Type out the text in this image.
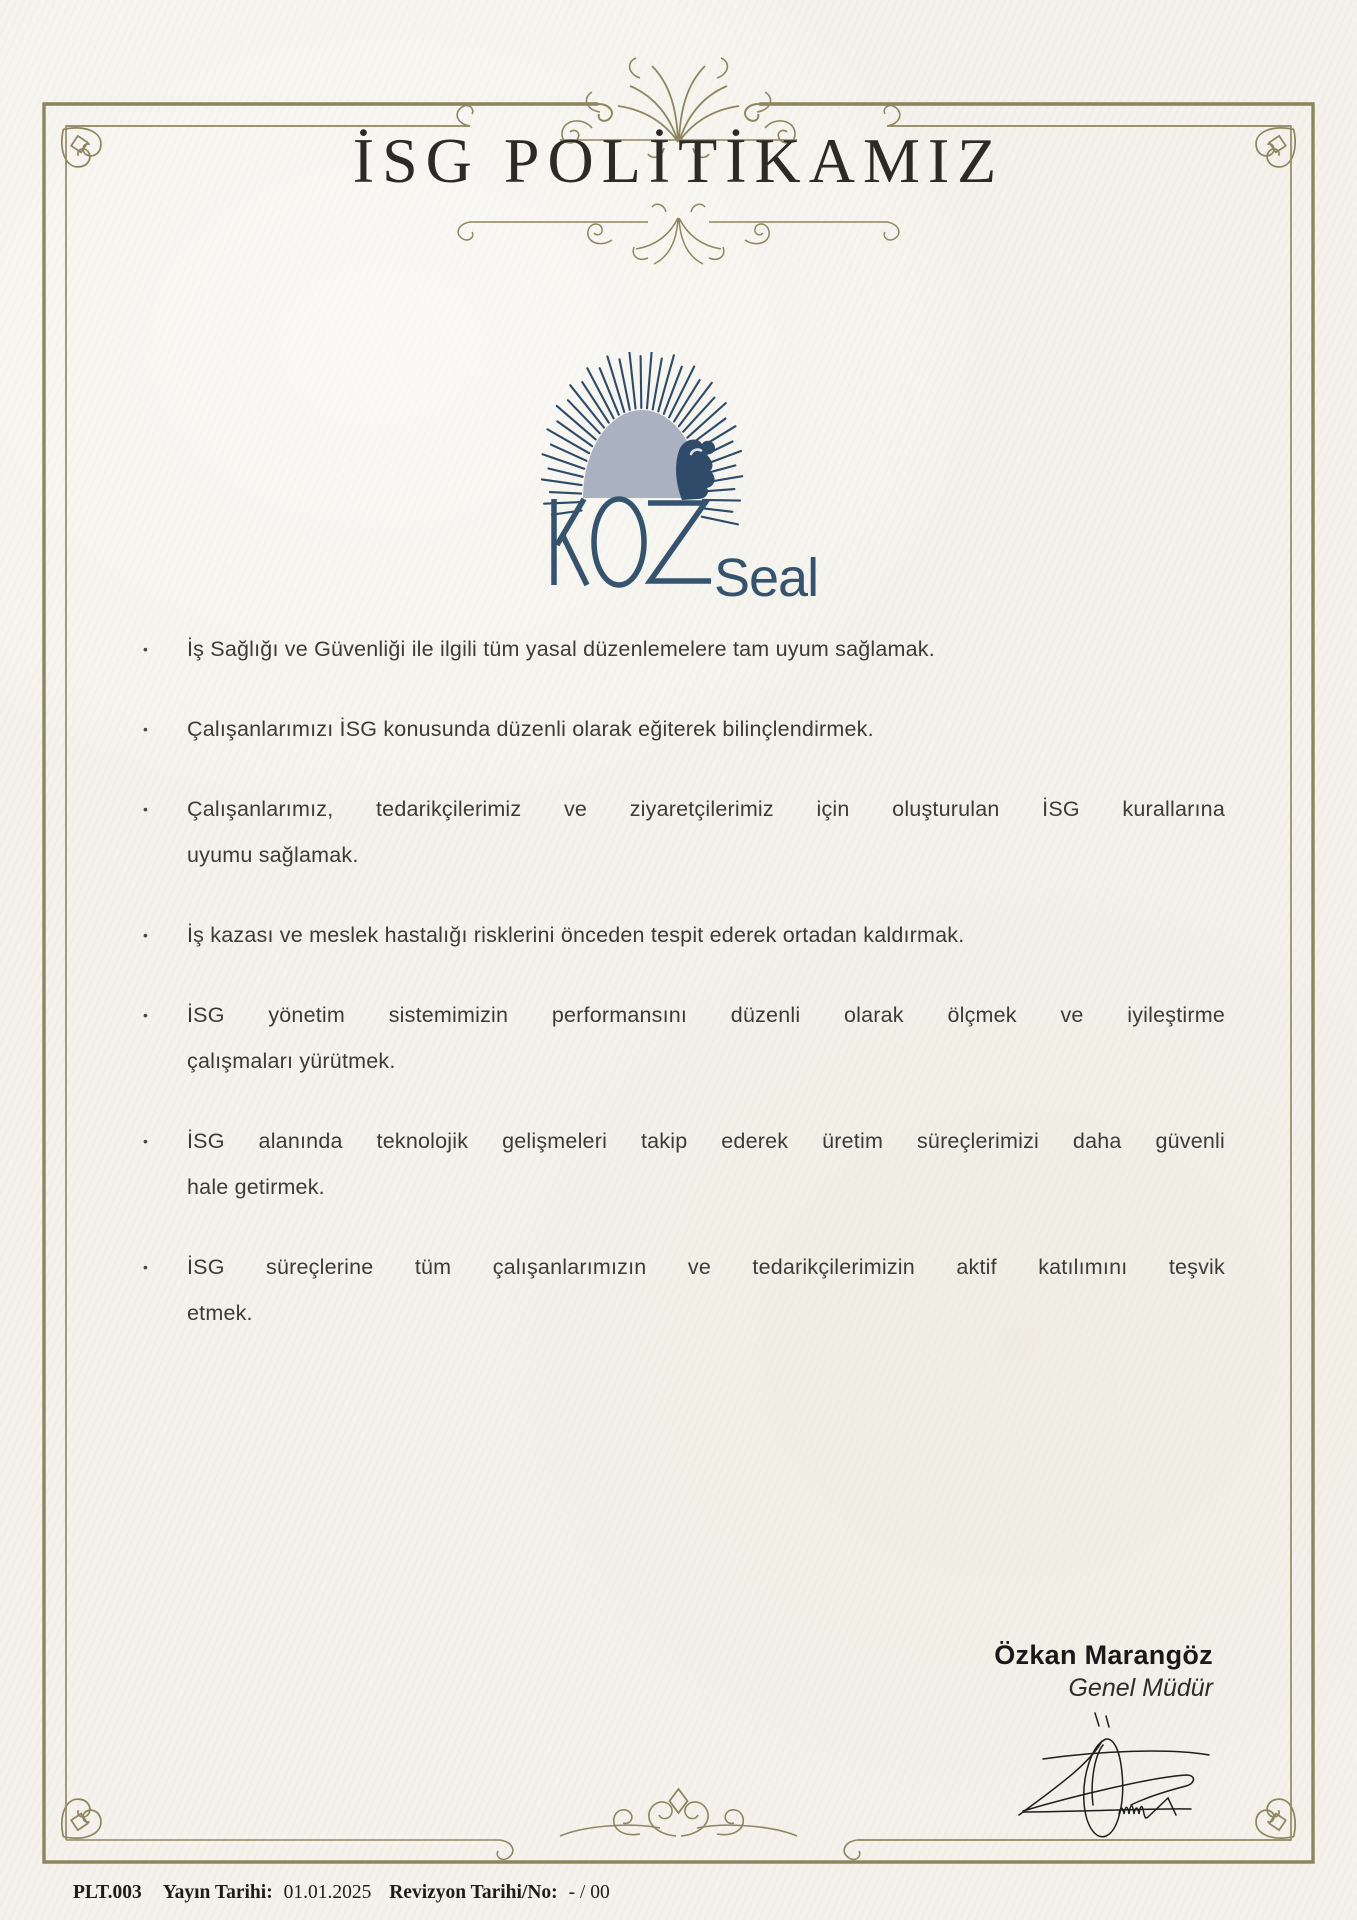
İSG POLİTİKAMIZ
Seal
• İş Sağlığı ve Güvenliği ile ilgili tüm yasal düzenlemelere tam uyum sağlamak.
• Çalışanlarımızı İSG konusunda düzenli olarak eğiterek bilinçlendirmek.
• Çalışanlarımız, tedarikçilerimiz ve ziyaretçilerimiz için oluşturulan İSG kurallarına
uyumu sağlamak.
• İş kazası ve meslek hastalığı risklerini önceden tespit ederek ortadan kaldırmak.
• İSG yönetim sistemimizin performansını düzenli olarak ölçmek ve iyileştirme
çalışmaları yürütmek.
• İSG alanında teknolojik gelişmeleri takip ederek üretim süreçlerimizi daha güvenli
hale getirmek.
• İSG süreçlerine tüm çalışanlarımızın ve tedarikçilerimizin aktif katılımını teşvik
etmek.
Özkan Marangöz
Genel Müdür
PLT.003 Yayın Tarihi: 01.01.2025 Revizyon Tarihi/No: - / 00
